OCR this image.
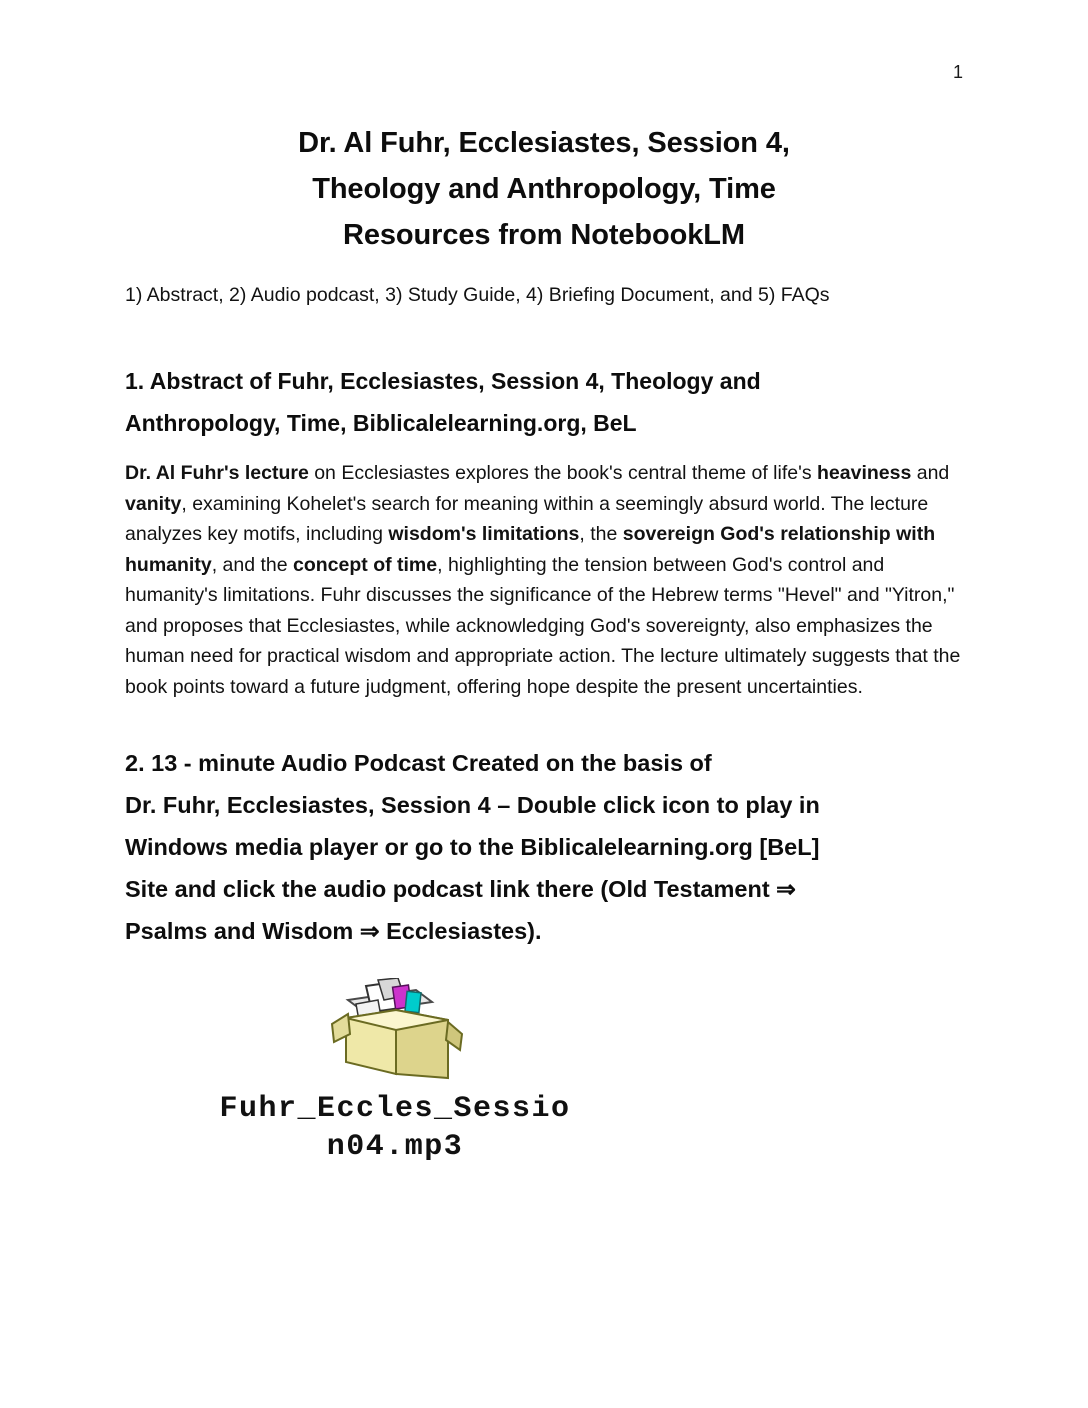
1
Dr. Al Fuhr, Ecclesiastes, Session 4,
Theology and Anthropology, Time
Resources from NotebookLM
1) Abstract, 2) Audio podcast, 3) Study Guide, 4) Briefing Document, and 5) FAQs
1. Abstract of Fuhr, Ecclesiastes, Session 4, Theology and
Anthropology, Time, Biblicalelearning.org, BeL
Dr. Al Fuhr's lecture on Ecclesiastes explores the book's central theme of life's heaviness and vanity, examining Kohelet's search for meaning within a seemingly absurd world. The lecture analyzes key motifs, including wisdom's limitations, the sovereign God's relationship with humanity, and the concept of time, highlighting the tension between God's control and humanity's limitations. Fuhr discusses the significance of the Hebrew terms "Hevel" and "Yitron," and proposes that Ecclesiastes, while acknowledging God's sovereignty, also emphasizes the human need for practical wisdom and appropriate action. The lecture ultimately suggests that the book points toward a future judgment, offering hope despite the present uncertainties.
2. 13 - minute Audio Podcast Created on the basis of
Dr. Fuhr, Ecclesiastes, Session 4 – Double click icon to play in
Windows media player or go to the Biblicalelearning.org [BeL]
Site and click the audio podcast link there (Old Testament ⇒
Psalms and Wisdom ⇒ Ecclesiastes).
Fuhr_Eccles_Sessio
n04.mp3
